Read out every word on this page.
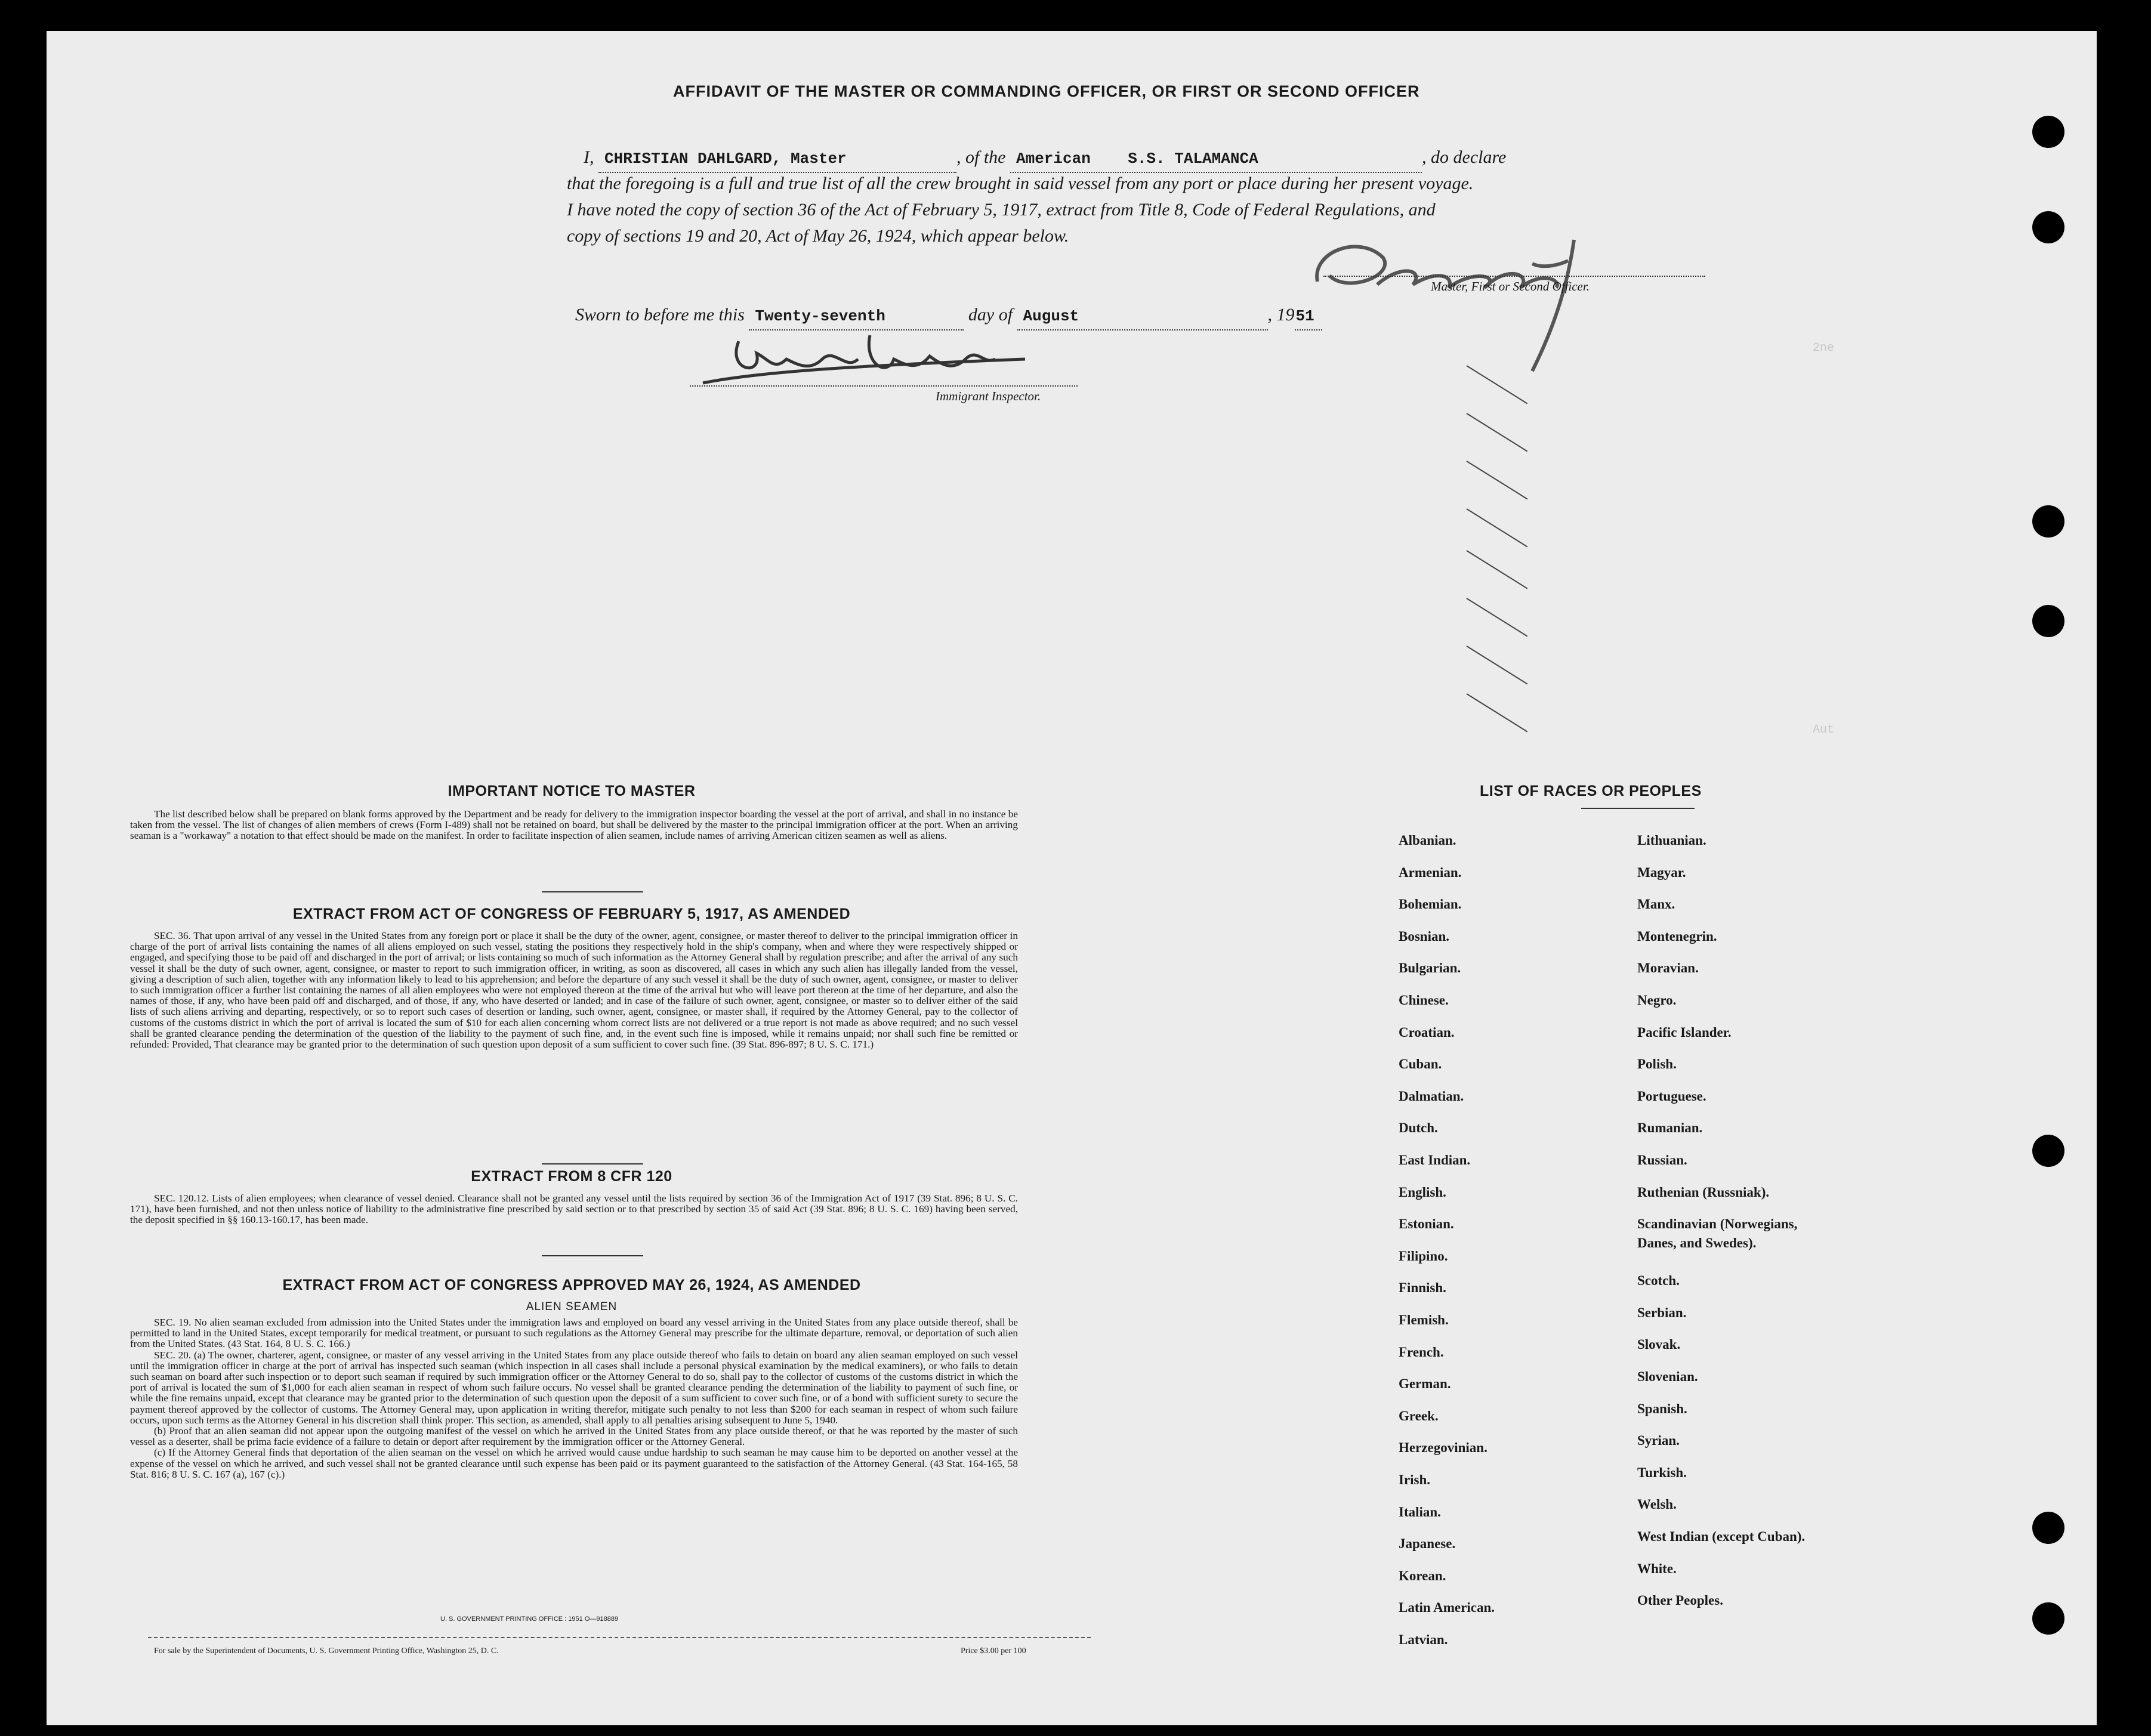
AFFIDAVIT OF THE MASTER OR COMMANDING OFFICER, OR FIRST OR SECOND OFFICER
I, CHRISTIAN DAHLGARD, Master	, of the American    S.S. TALAMANCA	, do declare
that the foregoing is a full and true list of all the crew brought in said vessel from any port or place during her present voyage.
I have noted the copy of section 36 of the Act of February 5, 1917, extract from Title 8, Code of Federal Regulations, and
copy of sections 19 and 20, Act of May 26, 1924, which appear below.
Master, First or Second Officer.
Sworn to before me this Twenty-seventh	day of August	, 1951
Immigrant Inspector.
2ne
Aut
IMPORTANT NOTICE TO MASTER

The list described below shall be prepared on blank forms approved by the Department and be ready for delivery to the immigration inspector boarding the vessel at the port of arrival, and shall in no instance be taken from the vessel. The list of changes of alien members of crews (Form I-489) shall not be retained on board, but shall be delivered by the master to the principal immigration officer at the port. When an arriving seaman is a "workaway" a notation to that effect should be made on the manifest. In order to facilitate inspection of alien seamen, include names of arriving American citizen seamen as well as aliens.

EXTRACT FROM ACT OF CONGRESS OF FEBRUARY 5, 1917, AS AMENDED

SEC. 36. That upon arrival of any vessel in the United States from any foreign port or place it shall be the duty of the owner, agent, consignee, or master thereof to deliver to the principal immigration officer in charge of the port of arrival lists containing the names of all aliens employed on such vessel, stating the positions they respectively hold in the ship's company, when and where they were respectively shipped or engaged, and specifying those to be paid off and discharged in the port of arrival; or lists containing so much of such information as the Attorney General shall by regulation prescribe; and after the arrival of any such vessel it shall be the duty of such owner, agent, consignee, or master to report to such immigration officer, in writing, as soon as discovered, all cases in which any such alien has illegally landed from the vessel, giving a description of such alien, together with any information likely to lead to his apprehension; and before the departure of any such vessel it shall be the duty of such owner, agent, consignee, or master to deliver to such immigration officer a further list containing the names of all alien employees who were not employed thereon at the time of the arrival but who will leave port thereon at the time of her departure, and also the names of those, if any, who have been paid off and discharged, and of those, if any, who have deserted or landed; and in case of the failure of such owner, agent, consignee, or master so to deliver either of the said lists of such aliens arriving and departing, respectively, or so to report such cases of desertion or landing, such owner, agent, consignee, or master shall, if required by the Attorney General, pay to the collector of customs of the customs district in which the port of arrival is located the sum of $10 for each alien concerning whom correct lists are not delivered or a true report is not made as above required; and no such vessel shall be granted clearance pending the determination of the question of the liability to the payment of such fine, and, in the event such fine is imposed, while it remains unpaid; nor shall such fine be remitted or refunded: Provided, That clearance may be granted prior to the determination of such question upon deposit of a sum sufficient to cover such fine. (39 Stat. 896-897; 8 U. S. C. 171.)

EXTRACT FROM 8 CFR 120

SEC. 120.12. Lists of alien employees; when clearance of vessel denied. Clearance shall not be granted any vessel until the lists required by section 36 of the Immigration Act of 1917 (39 Stat. 896; 8 U. S. C. 171), have been furnished, and not then unless notice of liability to the administrative fine prescribed by said section or to that prescribed by section 35 of said Act (39 Stat. 896; 8 U. S. C. 169) having been served, the deposit specified in §§ 160.13-160.17, has been made.

EXTRACT FROM ACT OF CONGRESS APPROVED MAY 26, 1924, AS AMENDED
ALIEN SEAMEN

SEC. 19. No alien seaman excluded from admission into the United States under the immigration laws and employed on board any vessel arriving in the United States from any place outside thereof, shall be permitted to land in the United States, except temporarily for medical treatment, or pursuant to such regulations as the Attorney General may prescribe for the ultimate departure, removal, or deportation of such alien from the United States. (43 Stat. 164, 8 U. S. C. 166.)

SEC. 20. (a) The owner, charterer, agent, consignee, or master of any vessel arriving in the United States from any place outside thereof who fails to detain on board any alien seaman employed on such vessel until the immigration officer in charge at the port of arrival has inspected such seaman (which inspection in all cases shall include a personal physical examination by the medical examiners), or who fails to detain such seaman on board after such inspection or to deport such seaman if required by such immigration officer or the Attorney General to do so, shall pay to the collector of customs of the customs district in which the port of arrival is located the sum of $1,000 for each alien seaman in respect of whom such failure occurs. No vessel shall be granted clearance pending the determination of the liability to payment of such fine, or while the fine remains unpaid, except that clearance may be granted prior to the determination of such question upon the deposit of a sum sufficient to cover such fine, or of a bond with sufficient surety to secure the payment thereof approved by the collector of customs. The Attorney General may, upon application in writing therefor, mitigate such penalty to not less than $200 for each seaman in respect of whom such failure occurs, upon such terms as the Attorney General in his discretion shall think proper. This section, as amended, shall apply to all penalties arising subsequent to June 5, 1940.

(b) Proof that an alien seaman did not appear upon the outgoing manifest of the vessel on which he arrived in the United States from any place outside thereof, or that he was reported by the master of such vessel as a deserter, shall be prima facie evidence of a failure to detain or deport after requirement by the immigration officer or the Attorney General.

(c) If the Attorney General finds that deportation of the alien seaman on the vessel on which he arrived would cause undue hardship to such seaman he may cause him to be deported on another vessel at the expense of the vessel on which he arrived, and such vessel shall not be granted clearance until such expense has been paid or its payment guaranteed to the satisfaction of the Attorney General. (43 Stat. 164-165, 58 Stat. 816; 8 U. S. C. 167 (a), 167 (c).)

U. S. GOVERNMENT PRINTING OFFICE : 1951 O—918889
For sale by the Superintendent of Documents, U. S. Government Printing Office, Washington 25, D. C.	Price $3.00 per 100
LIST OF RACES OR PEOPLES
Albanian.
Armenian.
Bohemian.
Bosnian.
Bulgarian.
Chinese.
Croatian.
Cuban.
Dalmatian.
Dutch.
East Indian.
English.
Estonian.
Filipino.
Finnish.
Flemish.
French.
German.
Greek.
Herzegovinian.
Irish.
Italian.
Japanese.
Korean.
Latin American.
Latvian.
Lithuanian.
Magyar.
Manx.
Montenegrin.
Moravian.
Negro.
Pacific Islander.
Polish.
Portuguese.
Rumanian.
Russian.
Ruthenian (Russniak).
Scandinavian (Norwegians,
Danes, and Swedes).
Scotch.
Serbian.
Slovak.
Slovenian.
Spanish.
Syrian.
Turkish.
Welsh.
West Indian (except Cuban).
White.
Other Peoples.
